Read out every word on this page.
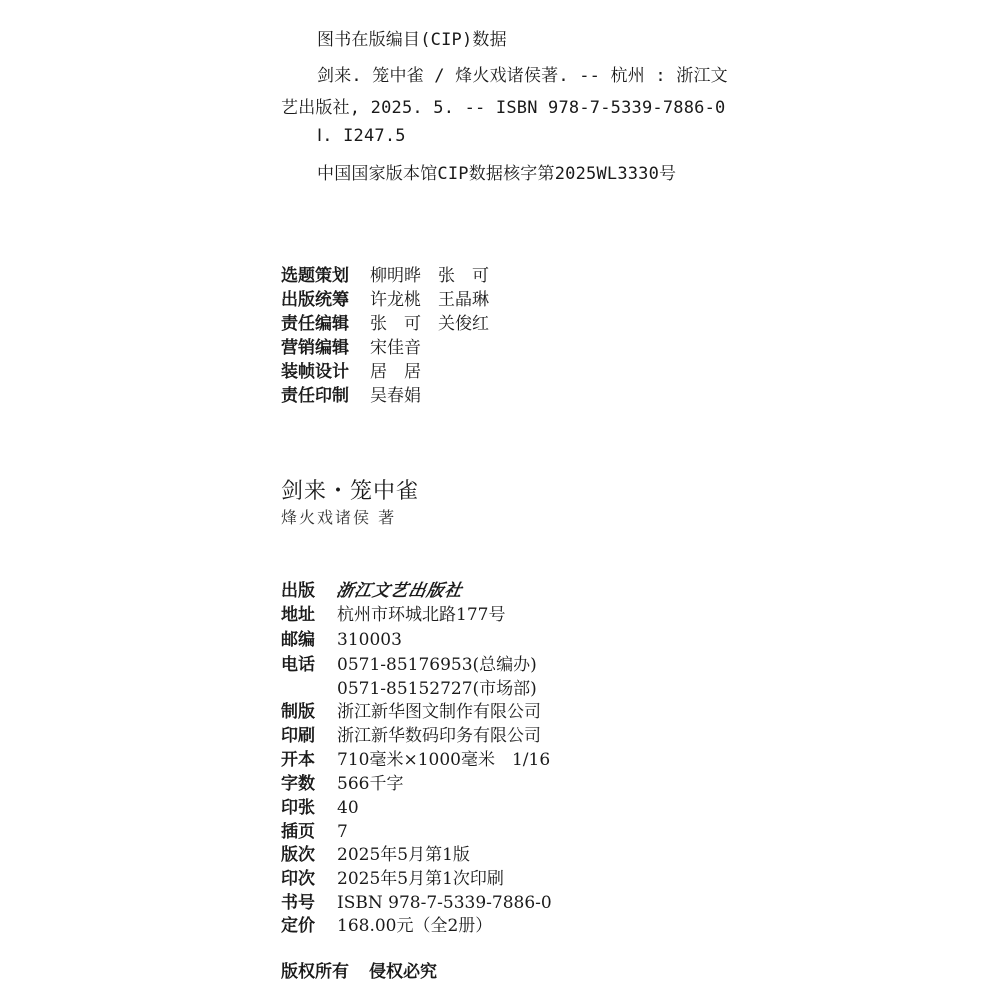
图书在版编目(CIP)数据
剑来. 笼中雀 / 烽火戏诸侯著. -- 杭州 : 浙江文
艺出版社, 2025. 5. -- ISBN 978-7-5339-7886-0
Ⅰ. I247.5
中国国家版本馆CIP数据核字第2025WL3330号
选题策划 柳明晔　张　可
出版统筹 许龙桃　王晶琳
责任编辑 张　可　关俊红
营销编辑 宋佳音
装帧设计 居　居
责任印制 吴春娟
剑来・笼中雀
烽火戏诸侯 著
出版 浙江文艺出版社
地址 杭州市环城北路177号
邮编 310003
电话 0571-85176953(总编办)
0571-85152727(市场部)
制版 浙江新华图文制作有限公司
印刷 浙江新华数码印务有限公司
开本 710毫米×1000毫米　1/16
字数 566千字
印张 40
插页 7
版次 2025年5月第1版
印次 2025年5月第1次印刷
书号 ISBN 978-7-5339-7886-0
定价 168.00元（全2册）
版权所有 侵权必究
